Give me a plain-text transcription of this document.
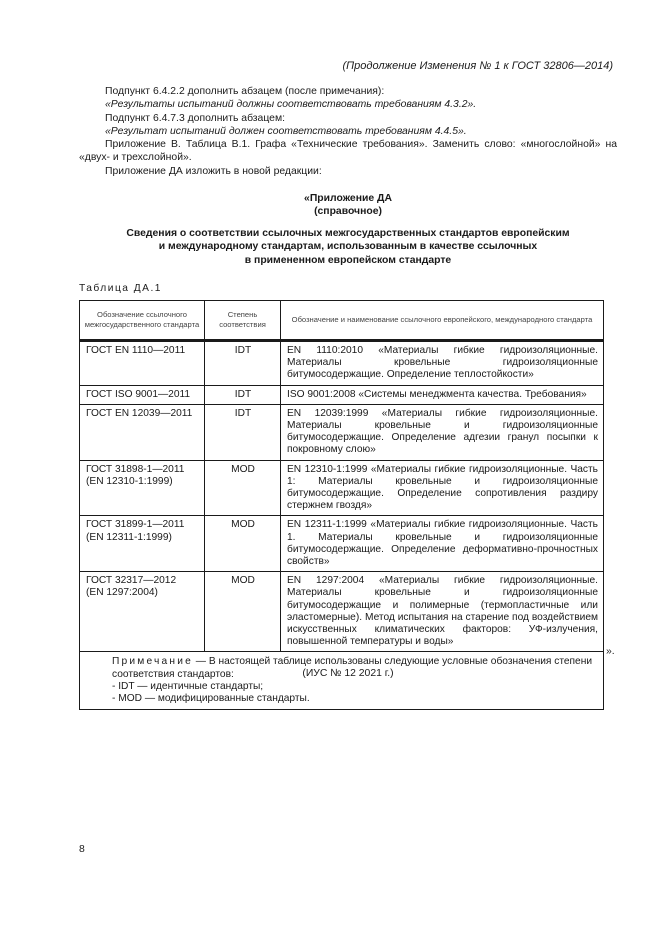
(Продолжение Изменения № 1 к ГОСТ 32806—2014)
Подпункт 6.4.2.2 дополнить абзацем (после примечания):
«Результаты испытаний должны соответствовать требованиям 4.3.2».
Подпункт 6.4.7.3 дополнить абзацем:
«Результат испытаний должен соответствовать требованиям 4.4.5».
Приложение В. Таблица В.1. Графа «Технические требования». Заменить слово: «многослойной» на «двух- и трехслойной».
Приложение ДА изложить в новой редакции:
«Приложение ДА
(справочное)
Сведения о соответствии ссылочных межгосударственных стандартов европейским
и международному стандартам, использованным в качестве ссылочных
в примененном европейском стандарте
Таблица ДА.1
Обозначение ссылочного межгосударственного стандарта	Степень соответствия	Обозначение и наименование ссылочного европейского, международного стандарта

ГОСТ EN 1110—2011	IDT	EN 1110:2010 «Материалы гибкие гидроизоляционные. Материалы кровельные гидроизоляционные битумосодержащие. Определение теплостойкости»
ГОСТ ISO 9001—2011	IDT	ISO 9001:2008 «Системы менеджмента качества. Требования»
ГОСТ EN 12039—2011	IDT	EN 12039:1999 «Материалы гибкие гидроизоляционные. Материалы кровельные и гидроизоляционные битумосодержащие. Определение адгезии гранул посыпки к покровному слою»

ГОСТ 31898-1—2011
(EN 12310-1:1999)	MOD	EN 12310-1:1999 «Материалы гибкие гидроизоляционные. Часть 1: Материалы кровельные и гидроизоляционные битумосодержащие. Определение сопротивления раздиру стержнем гвоздя»

ГОСТ 31899-1—2011
(EN 12311-1:1999)	MOD	EN 12311-1:1999 «Материалы гибкие гидроизоляционные. Часть 1. Материалы кровельные и гидроизоляционные битумосодержащие. Определение деформативно-прочностных свойств»

ГОСТ 32317—2012
(EN 1297:2004)	MOD	EN 1297:2004 «Материалы гибкие гидроизоляционные. Материалы кровельные и гидроизоляционные битумосодержащие и полимерные (термопластичные или эластомерные). Метод испытания на старение под воздействием искусственных климатических факторов: УФ-излучения, повышенной температуры и воды»

Примечание — В настоящей таблице использованы следующие условные обозначения степени соответствия стандартов:
- IDT — идентичные стандарты;
- MOD — модифицированные стандарты.		
».
(ИУС № 12 2021 г.)
8
